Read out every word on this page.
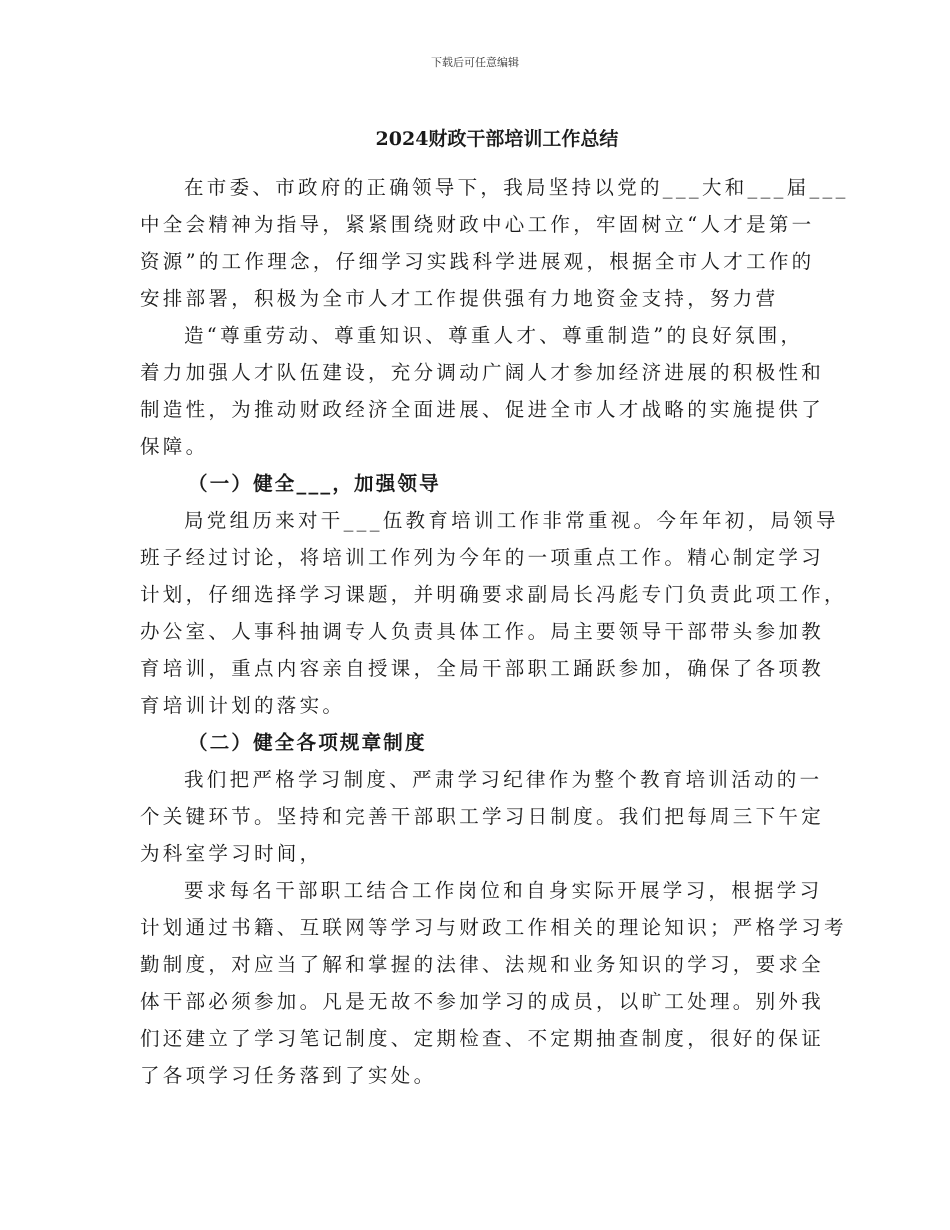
下载后可任意编辑
2024财政干部培训工作总结
在市委、市政府的正确领导下，我局坚持以党的___大和___届___
中全会精神为指导，紧紧围绕财政中心工作，牢固树立“人才是第一
资源”的工作理念，仔细学习实践科学进展观，根据全市人才工作的
安排部署，积极为全市人才工作提供强有力地资金支持，努力营
造“尊重劳动、尊重知识、尊重人才、尊重制造”的良好氛围，
着力加强人才队伍建设，充分调动广阔人才参加经济进展的积极性和
制造性，为推动财政经济全面进展、促进全市人才战略的实施提供了
保障。
（一）健全___，加强领导
局党组历来对干___伍教育培训工作非常重视。今年年初，局领导
班子经过讨论，将培训工作列为今年的一项重点工作。精心制定学习
计划，仔细选择学习课题，并明确要求副局长冯彪专门负责此项工作，
办公室、人事科抽调专人负责具体工作。局主要领导干部带头参加教
育培训，重点内容亲自授课，全局干部职工踊跃参加，确保了各项教
育培训计划的落实。
（二）健全各项规章制度
我们把严格学习制度、严肃学习纪律作为整个教育培训活动的一
个关键环节。坚持和完善干部职工学习日制度。我们把每周三下午定
为科室学习时间，
要求每名干部职工结合工作岗位和自身实际开展学习，根据学习
计划通过书籍、互联网等学习与财政工作相关的理论知识；严格学习考
勤制度，对应当了解和掌握的法律、法规和业务知识的学习，要求全
体干部必须参加。凡是无故不参加学习的成员，以旷工处理。别外我
们还建立了学习笔记制度、定期检查、不定期抽查制度，很好的保证
了各项学习任务落到了实处。
